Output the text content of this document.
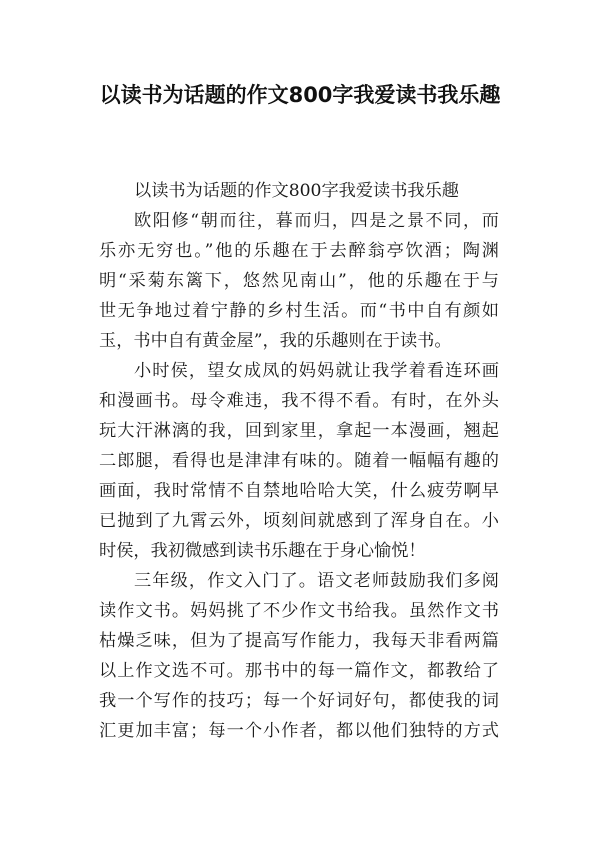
以读书为话题的作文800字我爱读书我乐趣
以读书为话题的作文800字我爱读书我乐趣
欧阳修“朝而往，暮而归，四是之景不同，而
乐亦无穷也。”他的乐趣在于去醉翁亭饮酒；陶渊
明“采菊东篱下，悠然见南山”，他的乐趣在于与
世无争地过着宁静的乡村生活。而“书中自有颜如
玉，书中自有黄金屋”，我的乐趣则在于读书。
小时侯，望女成凤的妈妈就让我学着看连环画
和漫画书。母令难违，我不得不看。有时，在外头
玩大汗淋漓的我，回到家里，拿起一本漫画，翘起
二郎腿，看得也是津津有味的。随着一幅幅有趣的
画面，我时常情不自禁地哈哈大笑，什么疲劳啊早
已抛到了九霄云外，顷刻间就感到了浑身自在。小
时侯，我初微感到读书乐趣在于身心愉悦！
三年级，作文入门了。语文老师鼓励我们多阅
读作文书。妈妈挑了不少作文书给我。虽然作文书
枯燥乏味，但为了提高写作能力，我每天非看两篇
以上作文选不可。那书中的每一篇作文，都教给了
我一个写作的技巧；每一个好词好句，都使我的词
汇更加丰富；每一个小作者，都以他们独特的方式
